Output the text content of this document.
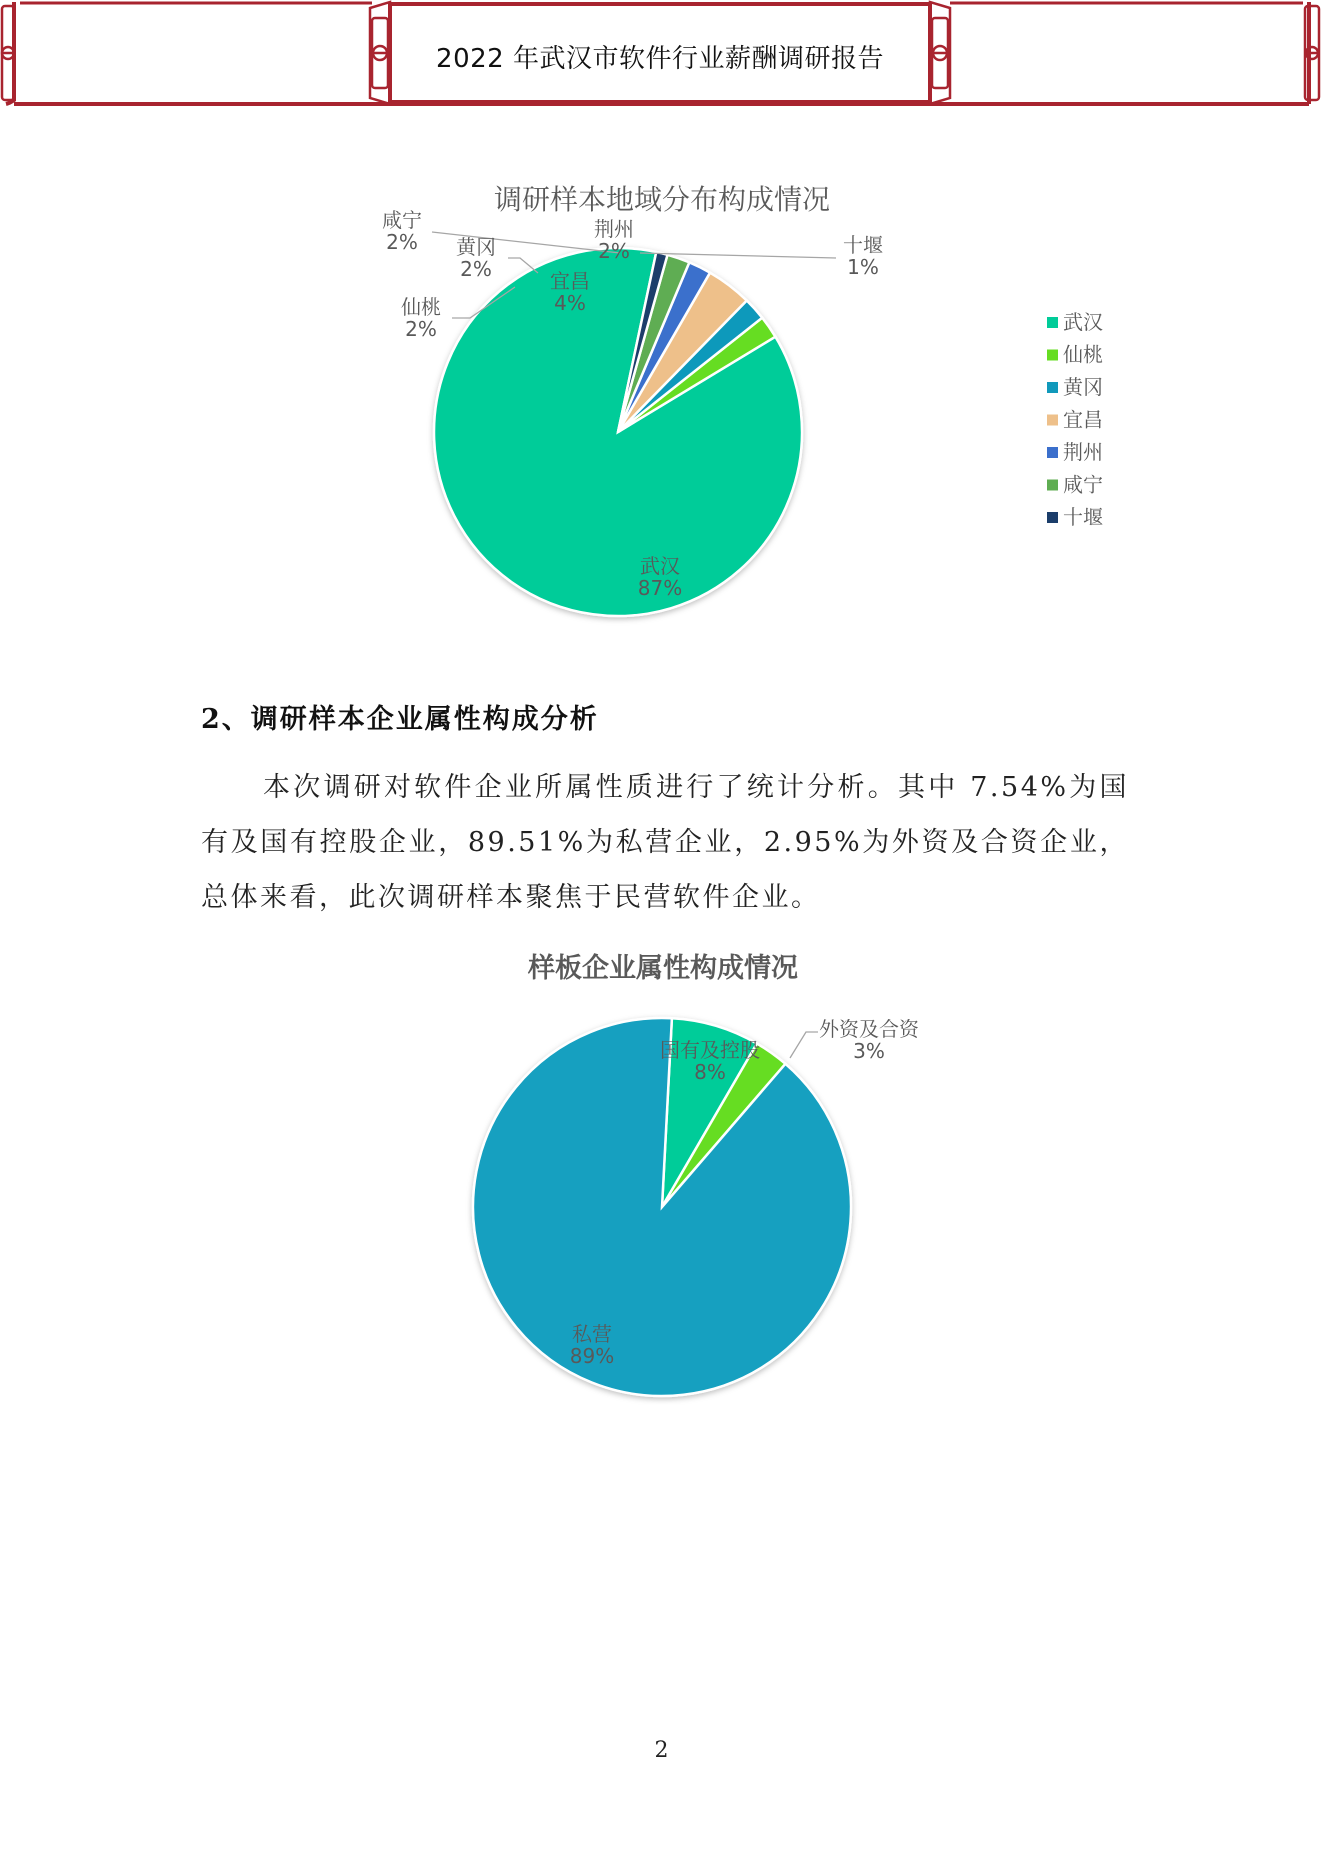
2022 年武汉市软件行业薪酬调研报告
调研样本地域分布构成情况
武汉
87%
宜昌
4%
荆州
2%
仙桃
2%
黄冈
2%
咸宁
2%	十堰
1%
武汉
仙桃
黄冈
宜昌
荆州
咸宁
十堰
2、调研样本企业属性构成分析

本次调研对软件企业所属性质进行了统计分析。其中 7.54%为国有及国有控股企业，89.51%为私营企业，2.95%为外资及合资企业，总体来看，此次调研样本聚焦于民营软件企业。

样板企业属性构成情况
国有及控股
8%
外资及合资
3%
私营
89%
2
